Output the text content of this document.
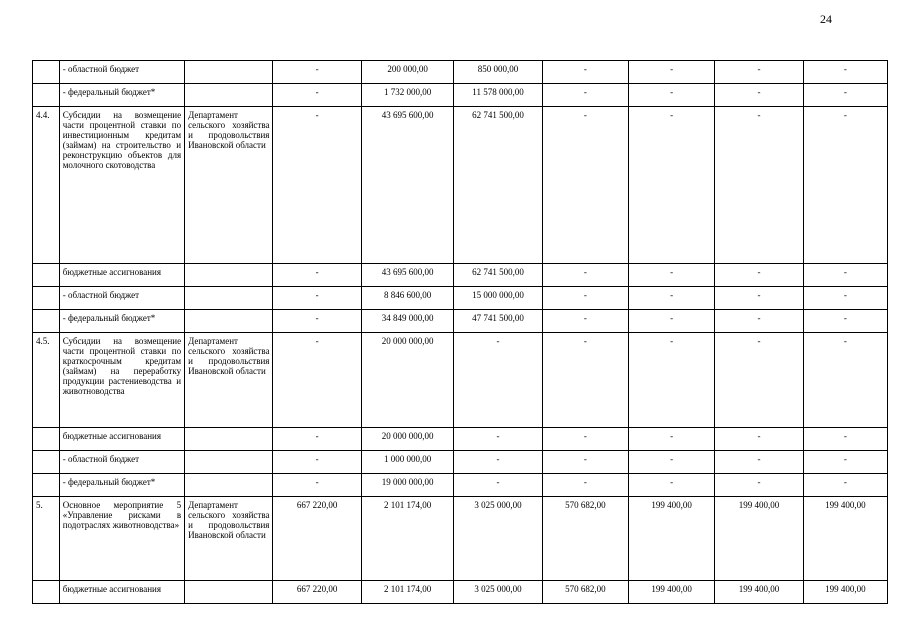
24
	- областной бюджет		-	200 000,00	850 000,00	-	-	-	-
	- федеральный бюджет*		-	1 732 000,00	11 578 000,00	-	-	-	-
4.4.	Субсидии на возмещение части процентной ставки по инвестиционным кредитам (займам) на строительство и реконструкцию объектов для молочного скотоводства	Департамент сельского хозяйства и продовольствия Ивановской области	-	43 695 600,00	62 741 500,00	-	-	-	-
	бюджетные ассигнования		-	43 695 600,00	62 741 500,00	-	-	-	-
	- областной бюджет		-	8 846 600,00	15 000 000,00	-	-	-	-
	- федеральный бюджет*		-	34 849 000,00	47 741 500,00	-	-	-	-
4.5.	Субсидии на возмещение части процентной ставки по краткосрочным кредитам (займам) на переработку продукции растениеводства и животноводства	Департамент сельского хозяйства и продовольствия Ивановской области	-	20 000 000,00	-	-	-	-	-
	бюджетные ассигнования		-	20 000 000,00	-	-	-	-	-
	- областной бюджет		-	1 000 000,00	-	-	-	-	-
	- федеральный бюджет*		-	19 000 000,00	-	-	-	-	-
5.	Основное мероприятие 5 «Управление рисками в подотраслях животноводства»	Департамент сельского хозяйства и продовольствия Ивановской области	667 220,00	2 101 174,00	3 025 000,00	570 682,00	199 400,00	199 400,00	199 400,00
	бюджетные ассигнования		667 220,00	2 101 174,00	3 025 000,00	570 682,00	199 400,00	199 400,00	199 400,00
